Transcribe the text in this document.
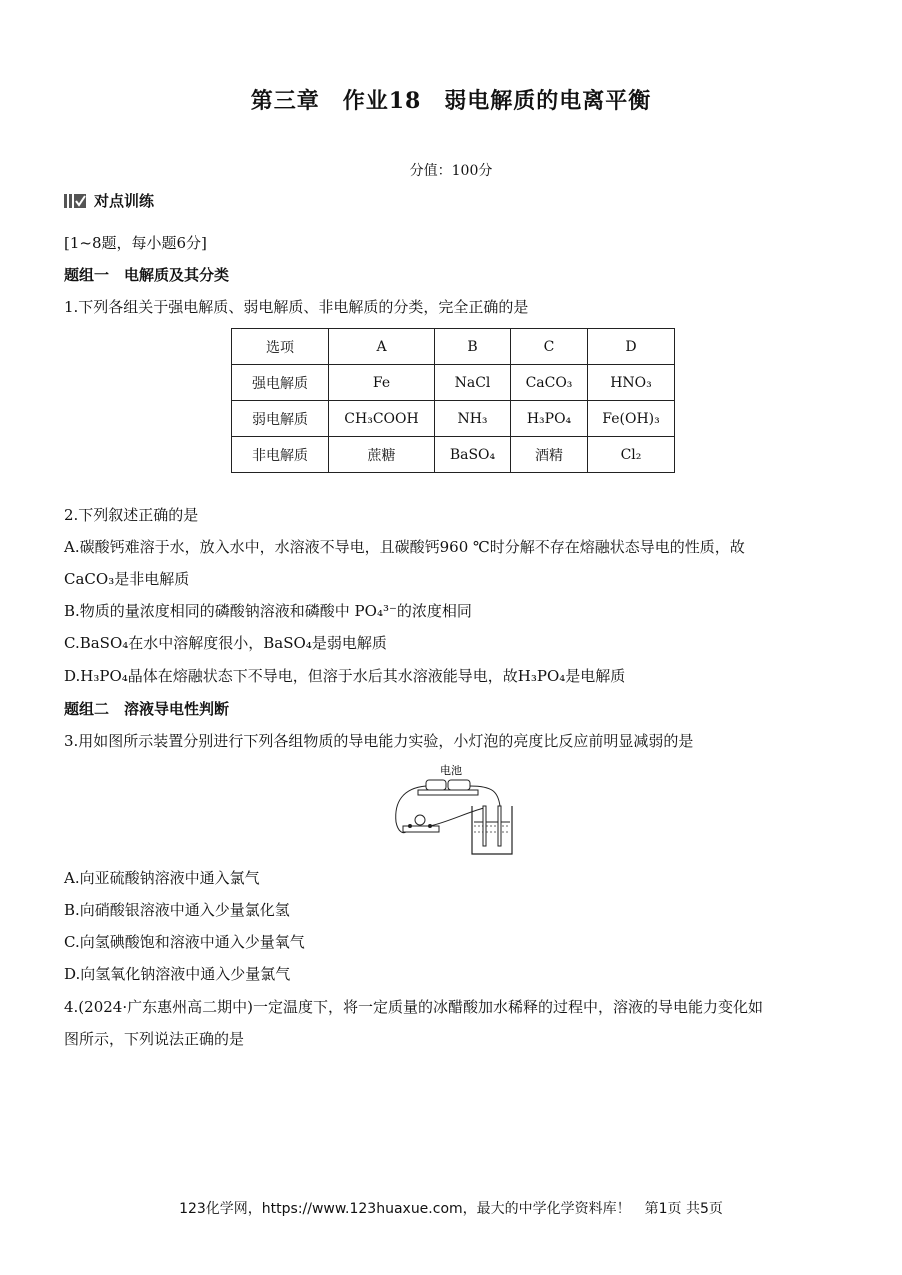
第三章　作业18　弱电解质的电离平衡
分值：100分
对点训练
[1~8题，每小题6分]
题组一　电解质及其分类
1.下列各组关于强电解质、弱电解质、非电解质的分类，完全正确的是
选项	A	B	C	D
强电解质	Fe	NaCl	CaCO₃	HNO₃
弱电解质	CH₃COOH	NH₃	H₃PO₄	Fe(OH)₃
非电解质	蔗糖	BaSO₄	酒精	Cl₂
2.下列叙述正确的是
A.碳酸钙难溶于水，放入水中，水溶液不导电，且碳酸钙960 ℃时分解不存在熔融状态导电的性质，故
CaCO₃是非电解质
B.物质的量浓度相同的磷酸钠溶液和磷酸中 PO₄³⁻的浓度相同
C.BaSO₄在水中溶解度很小，BaSO₄是弱电解质
D.H₃PO₄晶体在熔融状态下不导电，但溶于水后其水溶液能导电，故H₃PO₄是电解质
题组二　溶液导电性判断
3.用如图所示装置分别进行下列各组物质的导电能力实验，小灯泡的亮度比反应前明显减弱的是
电池
A.向亚硫酸钠溶液中通入氯气
B.向硝酸银溶液中通入少量氯化氢
C.向氢碘酸饱和溶液中通入少量氧气
D.向氢氧化钠溶液中通入少量氯气
4.(2024·广东惠州高二期中)一定温度下，将一定质量的冰醋酸加水稀释的过程中，溶液的导电能力变化如
图所示，下列说法正确的是
123化学网，https://www.123huaxue.com，最大的中学化学资料库！　第1页 共5页
